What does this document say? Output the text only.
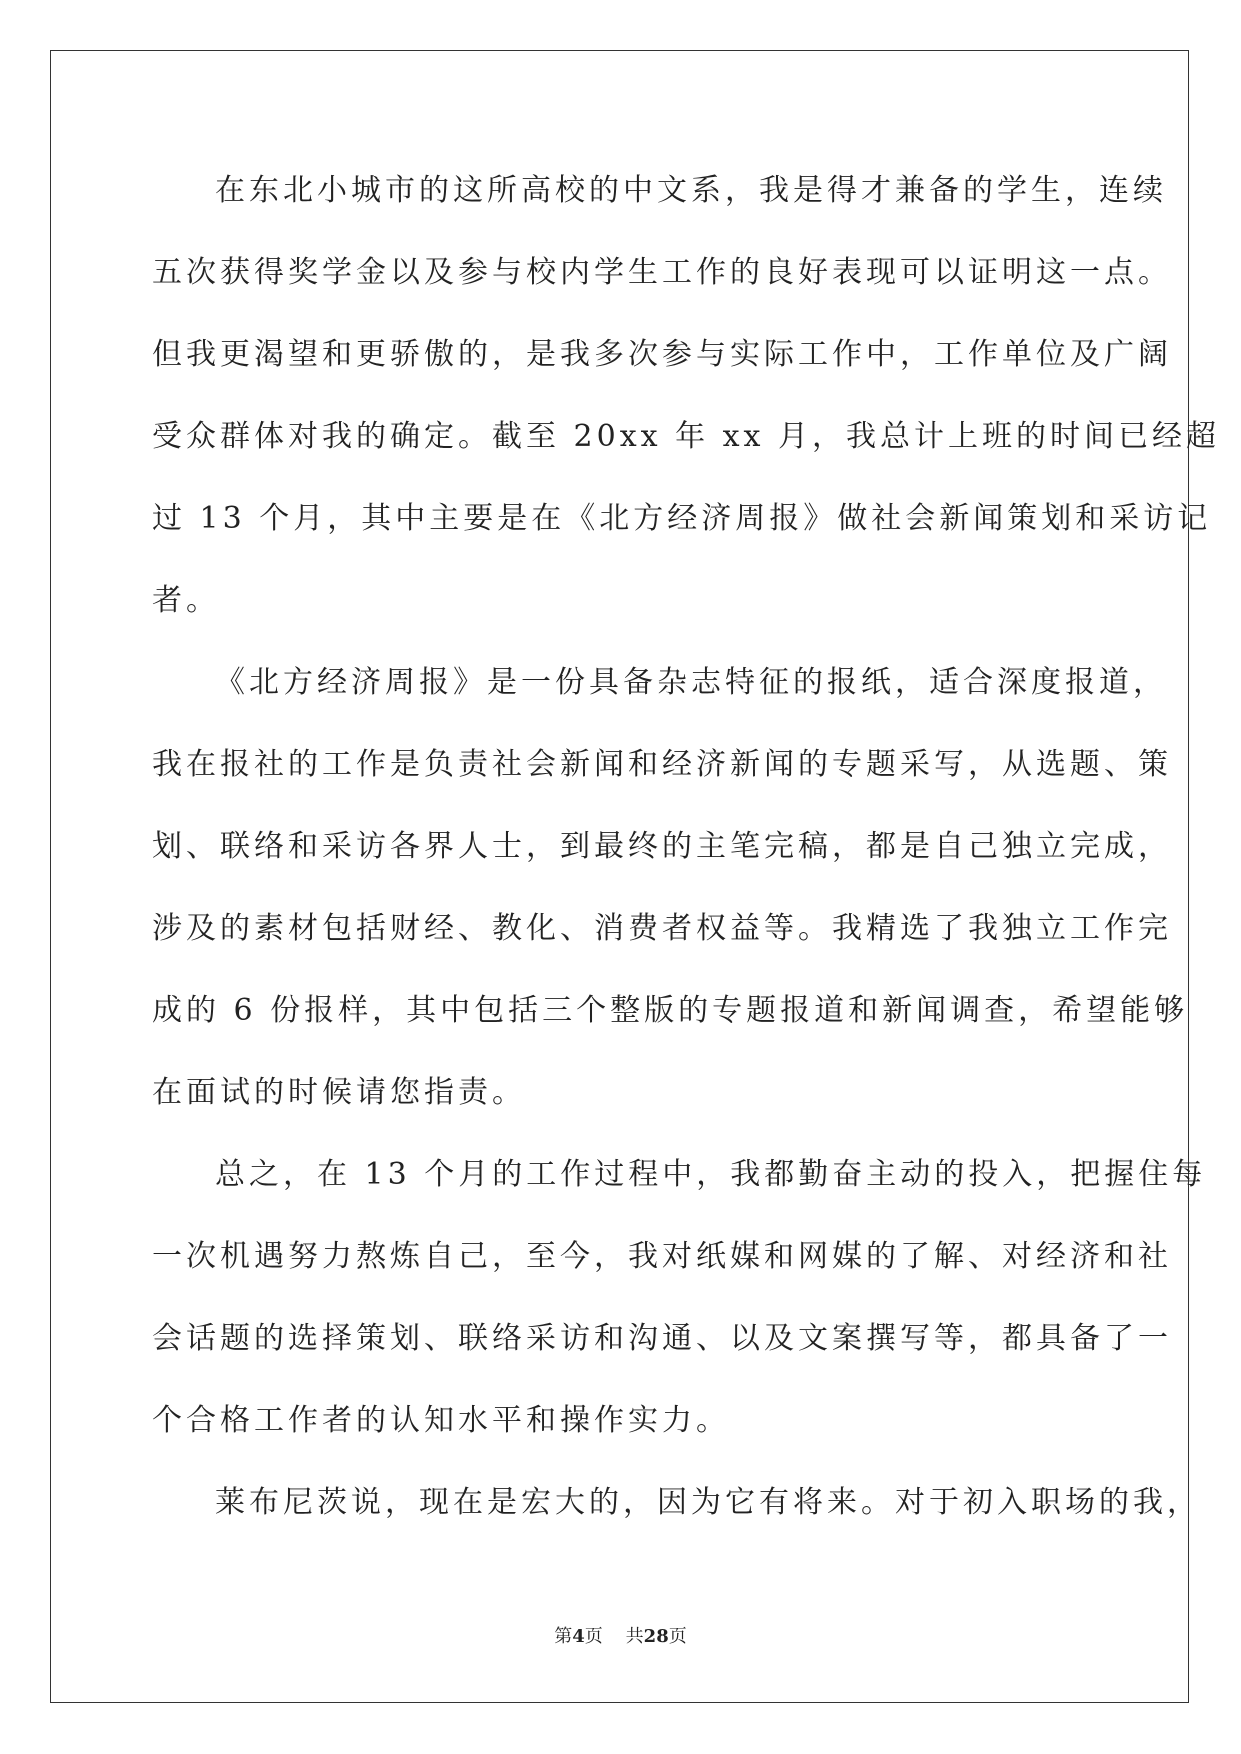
在东北小城市的这所高校的中文系，我是得才兼备的学生，连续
五次获得奖学金以及参与校内学生工作的良好表现可以证明这一点。
但我更渴望和更骄傲的，是我多次参与实际工作中，工作单位及广阔
受众群体对我的确定。截至 20xx 年 xx 月，我总计上班的时间已经超
过 13 个月，其中主要是在《北方经济周报》做社会新闻策划和采访记
者。
《北方经济周报》是一份具备杂志特征的报纸，适合深度报道，
我在报社的工作是负责社会新闻和经济新闻的专题采写，从选题、策
划、联络和采访各界人士，到最终的主笔完稿，都是自己独立完成，
涉及的素材包括财经、教化、消费者权益等。我精选了我独立工作完
成的 6 份报样，其中包括三个整版的专题报道和新闻调查，希望能够
在面试的时候请您指责。
总之，在 13 个月的工作过程中，我都勤奋主动的投入，把握住每
一次机遇努力熬炼自己，至今，我对纸媒和网媒的了解、对经济和社
会话题的选择策划、联络采访和沟通、以及文案撰写等，都具备了一
个合格工作者的认知水平和操作实力。
莱布尼茨说，现在是宏大的，因为它有将来。对于初入职场的我，
第4页 共28页
